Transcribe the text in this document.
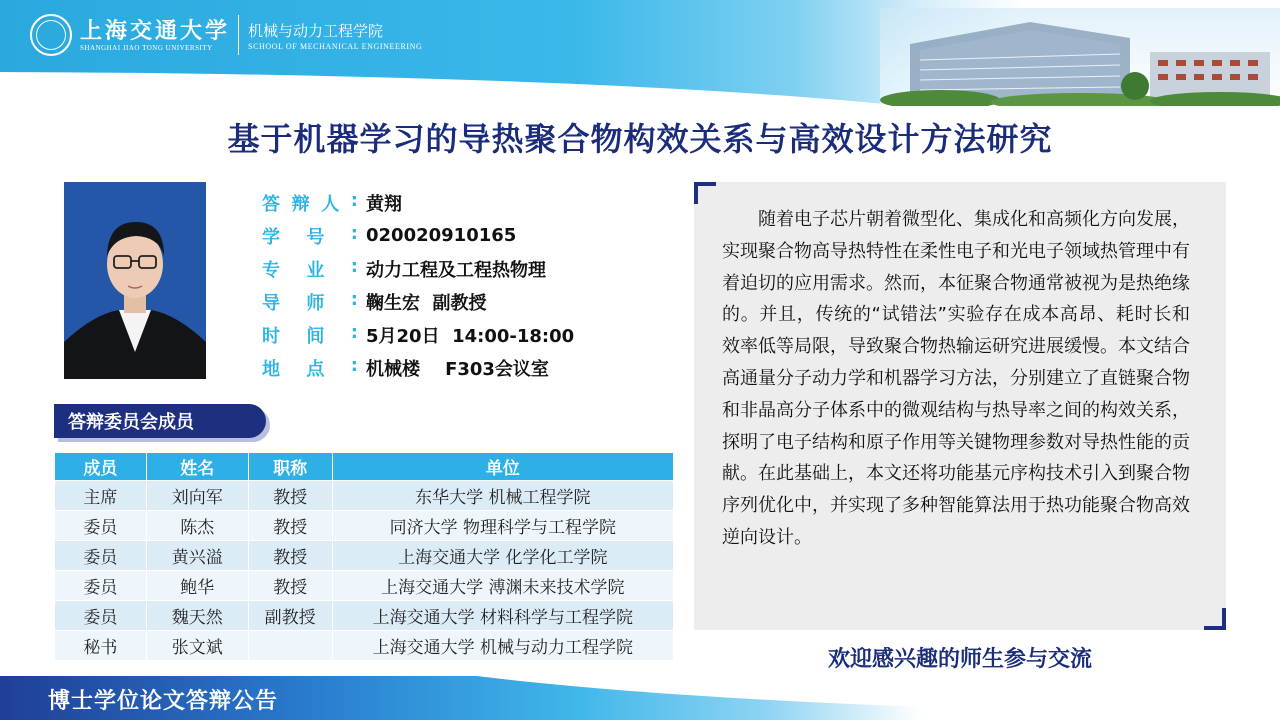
上海交通大学
SHANGHAI JIAO TONG UNIVERSITY
机械与动力工程学院
SCHOOL OF MECHANICAL ENGINEERING
基于机器学习的导热聚合物构效关系与高效设计方法研究
答 辩 人 : 黄翔
学 号 : 020020910165
专 业 : 动力工程及工程热物理
导 师 : 鞠生宏  副教授
时 间 : 5月20日  14:00-18:00
地 点 : 机械楼    F303会议室
答辩委员会成员
成员	姓名	职称	单位
主席	刘向军	教授	东华大学 机械工程学院
委员	陈杰	教授	同济大学 物理科学与工程学院
委员	黄兴溢	教授	上海交通大学 化学化工学院
委员	鲍华	教授	上海交通大学 溥渊未来技术学院
委员	魏天然	副教授	上海交通大学 材料科学与工程学院
秘书	张文斌		上海交通大学 机械与动力工程学院
随着电子芯片朝着微型化、集成化和高频化方向发展，实现聚合物高导热特性在柔性电子和光电子领域热管理中有着迫切的应用需求。然而，本征聚合物通常被视为是热绝缘的。并且，传统的“试错法”实验存在成本高昂、耗时长和效率低等局限，导致聚合物热输运研究进展缓慢。本文结合高通量分子动力学和机器学习方法，分别建立了直链聚合物和非晶高分子体系中的微观结构与热导率之间的构效关系，探明了电子结构和原子作用等关键物理参数对导热性能的贡献。在此基础上，本文还将功能基元序构技术引入到聚合物序列优化中，并实现了多种智能算法用于热功能聚合物高效逆向设计。
欢迎感兴趣的师生参与交流
博士学位论文答辩公告
